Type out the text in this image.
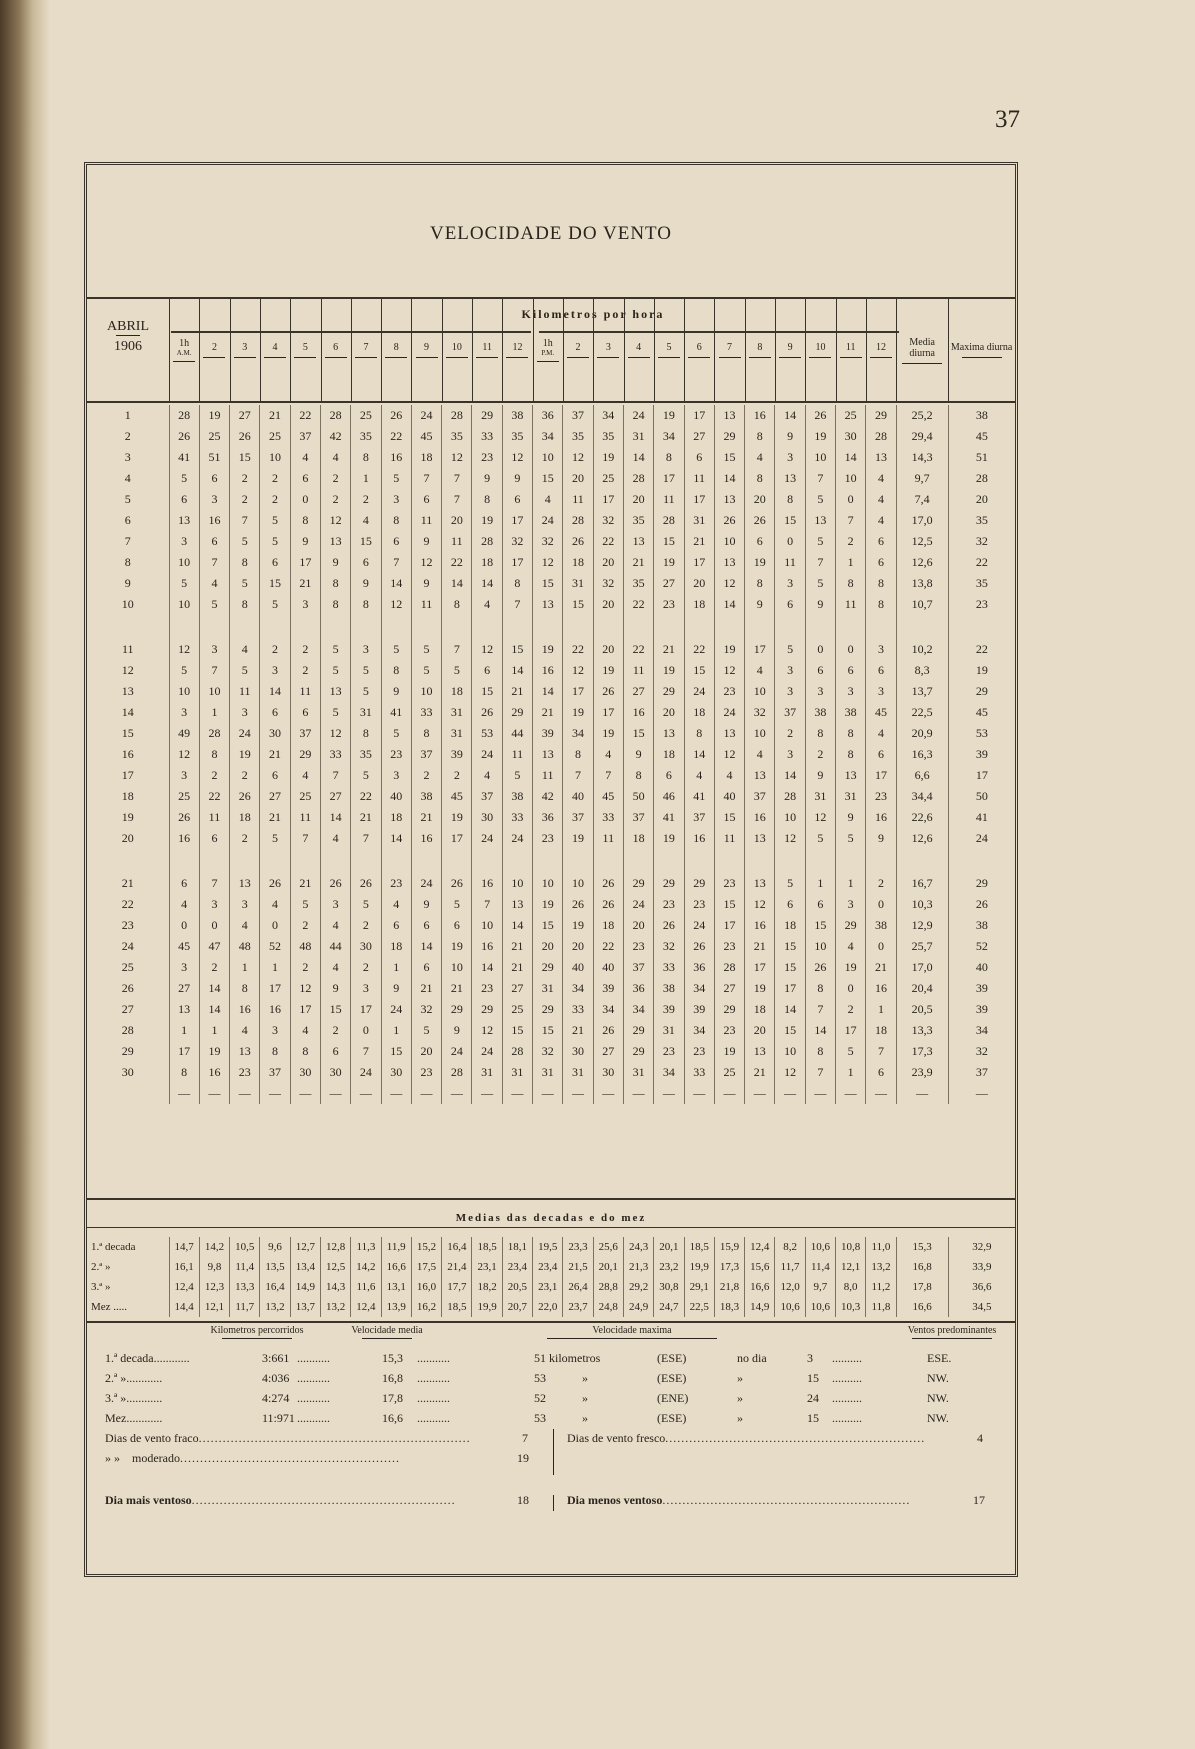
37
VELOCIDADE DO VENTO
ABRIL
1906
Kilometros por hora
1h
A.M.	2	3	4	5	6	7	8	9	10	11	12	1h
P.M.	2	3	4	5	6	7	8	9	10	11	12	Media diurna	Maxima diurna
1	28	19	27	21	22	28	25	26	24	28	29	38	36	37	34	24	19	17	13	16	14	26	25	29	25,2	38
2	26	25	26	25	37	42	35	22	45	35	33	35	34	35	35	31	34	27	29	8	9	19	30	28	29,4	45
3	41	51	15	10	4	4	8	16	18	12	23	12	10	12	19	14	8	6	15	4	3	10	14	13	14,3	51
4	5	6	2	2	6	2	1	5	7	7	9	9	15	20	25	28	17	11	14	8	13	7	10	4	9,7	28
5	6	3	2	2	0	2	2	3	6	7	8	6	4	11	17	20	11	17	13	20	8	5	0	4	7,4	20
6	13	16	7	5	8	12	4	8	11	20	19	17	24	28	32	35	28	31	26	26	15	13	7	4	17,0	35
7	3	6	5	5	9	13	15	6	9	11	28	32	32	26	22	13	15	21	10	6	0	5	2	6	12,5	32
8	10	7	8	6	17	9	6	7	12	22	18	17	12	18	20	21	19	17	13	19	11	7	1	6	12,6	22
9	5	4	5	15	21	8	9	14	9	14	14	8	15	31	32	35	27	20	12	8	3	5	8	8	13,8	35
10	10	5	8	5	3	8	8	12	11	8	4	7	13	15	20	22	23	18	14	9	6	9	11	8	10,7	23

11	12	3	4	2	2	5	3	5	5	7	12	15	19	22	20	22	21	22	19	17	5	0	0	3	10,2	22
12	5	7	5	3	2	5	5	8	5	5	6	14	16	12	19	11	19	15	12	4	3	6	6	6	8,3	19
13	10	10	11	14	11	13	5	9	10	18	15	21	14	17	26	27	29	24	23	10	3	3	3	3	13,7	29
14	3	1	3	6	6	5	31	41	33	31	26	29	21	19	17	16	20	18	24	32	37	38	38	45	22,5	45
15	49	28	24	30	37	12	8	5	8	31	53	44	39	34	19	15	13	8	13	10	2	8	8	4	20,9	53
16	12	8	19	21	29	33	35	23	37	39	24	11	13	8	4	9	18	14	12	4	3	2	8	6	16,3	39
17	3	2	2	6	4	7	5	3	2	2	4	5	11	7	7	8	6	4	4	13	14	9	13	17	6,6	17
18	25	22	26	27	25	27	22	40	38	45	37	38	42	40	45	50	46	41	40	37	28	31	31	23	34,4	50
19	26	11	18	21	11	14	21	18	21	19	30	33	36	37	33	37	41	37	15	16	10	12	9	16	22,6	41
20	16	6	2	5	7	4	7	14	16	17	24	24	23	19	11	18	19	16	11	13	12	5	5	9	12,6	24

21	6	7	13	26	21	26	26	23	24	26	16	10	10	10	26	29	29	29	23	13	5	1	1	2	16,7	29
22	4	3	3	4	5	3	5	4	9	5	7	13	19	26	26	24	23	23	15	12	6	6	3	0	10,3	26
23	0	0	4	0	2	4	2	6	6	6	10	14	15	19	18	20	26	24	17	16	18	15	29	38	12,9	38
24	45	47	48	52	48	44	30	18	14	19	16	21	20	20	22	23	32	26	23	21	15	10	4	0	25,7	52
25	3	2	1	1	2	4	2	1	6	10	14	21	29	40	40	37	33	36	28	17	15	26	19	21	17,0	40
26	27	14	8	17	12	9	3	9	21	21	23	27	31	34	39	36	38	34	27	19	17	8	0	16	20,4	39
27	13	14	16	16	17	15	17	24	32	29	29	25	29	33	34	34	39	39	29	18	14	7	2	1	20,5	39
28	1	1	4	3	4	2	0	1	5	9	12	15	15	21	26	29	31	34	23	20	15	14	17	18	13,3	34
29	17	19	13	8	8	6	7	15	20	24	24	28	32	30	27	29	23	23	19	13	10	8	5	7	17,3	32
30	8	16	23	37	30	30	24	30	23	28	31	31	31	31	30	31	34	33	25	21	12	7	1	6	23,9	37
	—	—	—	—	—	—	—	—	—	—	—	—	—	—	—	—	—	—	—	—	—	—	—	—	—	—
Medias das decadas e do mez
1.ª decada	14,7	14,2	10,5	9,6	12,7	12,8	11,3	11,9	15,2	16,4	18,5	18,1	19,5	23,3	25,6	24,3	20,1	18,5	15,9	12,4	8,2	10,6	10,8	11,0	15,3	32,9
2.ª »	16,1	9,8	11,4	13,5	13,4	12,5	14,2	16,6	17,5	21,4	23,1	23,4	23,4	21,5	20,1	21,3	23,2	19,9	17,3	15,6	11,7	11,4	12,1	13,2	16,8	33,9
3.ª »	12,4	12,3	13,3	16,4	14,9	14,3	11,6	13,1	16,0	17,7	18,2	20,5	23,1	26,4	28,8	29,2	30,8	29,1	21,8	16,6	12,0	9,7	8,0	11,2	17,8	36,6
Mez .....	14,4	12,1	11,7	13,2	13,7	13,2	12,4	13,9	16,2	18,5	19,9	20,7	22,0	23,7	24,8	24,9	24,7	22,5	18,3	14,9	10,6	10,6	10,3	11,8	16,6	34,5
Kilometros percorridos	Velocidade media	Velocidade maxima	Ventos predominantes
1.ª decada............	3:661 ...........	15,3 ...........	51 kilometros	(ESE)	no dia	3 ..........	ESE.
2.ª »............	4:036 ...........	16,8 ...........	53	»	(ESE)	»	15 ..........	NW.
3.ª »............	4:274 ...........	17,8 ...........	52	»	(ENE)	»	24 ..........	NW.
Mez............	11:971 ...........	16,6 ...........	53	»	(ESE)	»	15 ..........	NW.
Dias de vento fraco....................................................................	7
» » moderado.......................................................	19
Dias de vento fresco.................................................................	4
Dia mais ventoso..................................................................	18	Dia menos ventoso..............................................................	17
